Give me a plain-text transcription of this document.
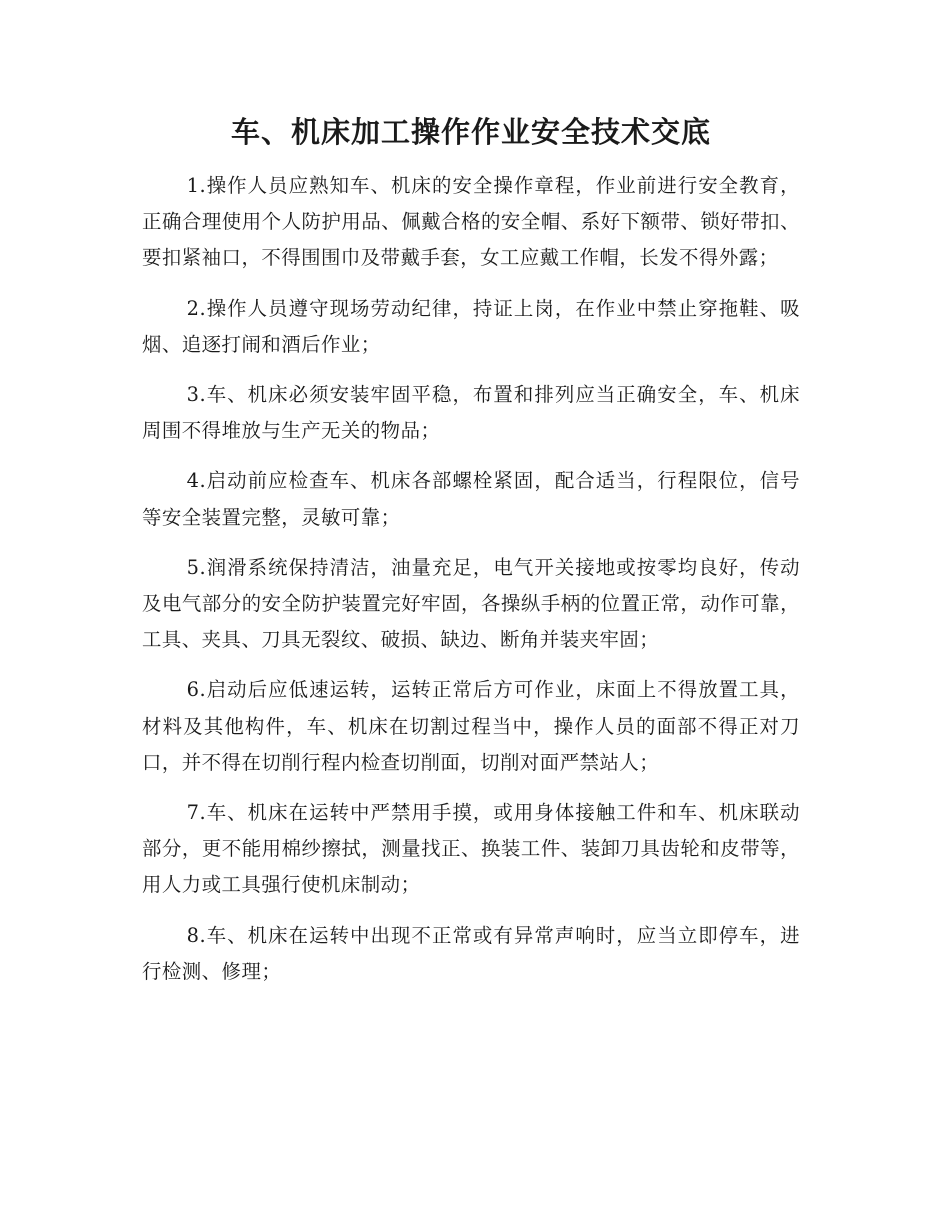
车、机床加工操作作业安全技术交底

1.操作人员应熟知车、机床的安全操作章程，作业前进行安全教育，正确合理使用个人防护用品、佩戴合格的安全帽、系好下额带、锁好带扣、要扣紧袖口，不得围围巾及带戴手套，女工应戴工作帽，长发不得外露；

2.操作人员遵守现场劳动纪律，持证上岗，在作业中禁止穿拖鞋、吸烟、追逐打闹和酒后作业；

3.车、机床必须安装牢固平稳，布置和排列应当正确安全，车、机床周围不得堆放与生产无关的物品；

4.启动前应检查车、机床各部螺栓紧固，配合适当，行程限位，信号等安全装置完整，灵敏可靠；

5.润滑系统保持清洁，油量充足，电气开关接地或按零均良好，传动及电气部分的安全防护装置完好牢固，各操纵手柄的位置正常，动作可靠，工具、夹具、刀具无裂纹、破损、缺边、断角并装夹牢固；

6.启动后应低速运转，运转正常后方可作业，床面上不得放置工具，材料及其他构件，车、机床在切割过程当中，操作人员的面部不得正对刀口，并不得在切削行程内检查切削面，切削对面严禁站人；

7.车、机床在运转中严禁用手摸，或用身体接触工件和车、机床联动部分，更不能用棉纱擦拭，测量找正、换装工件、装卸刀具齿轮和皮带等，用人力或工具强行使机床制动；

8.车、机床在运转中出现不正常或有异常声响时，应当立即停车，进行检测、修理；
